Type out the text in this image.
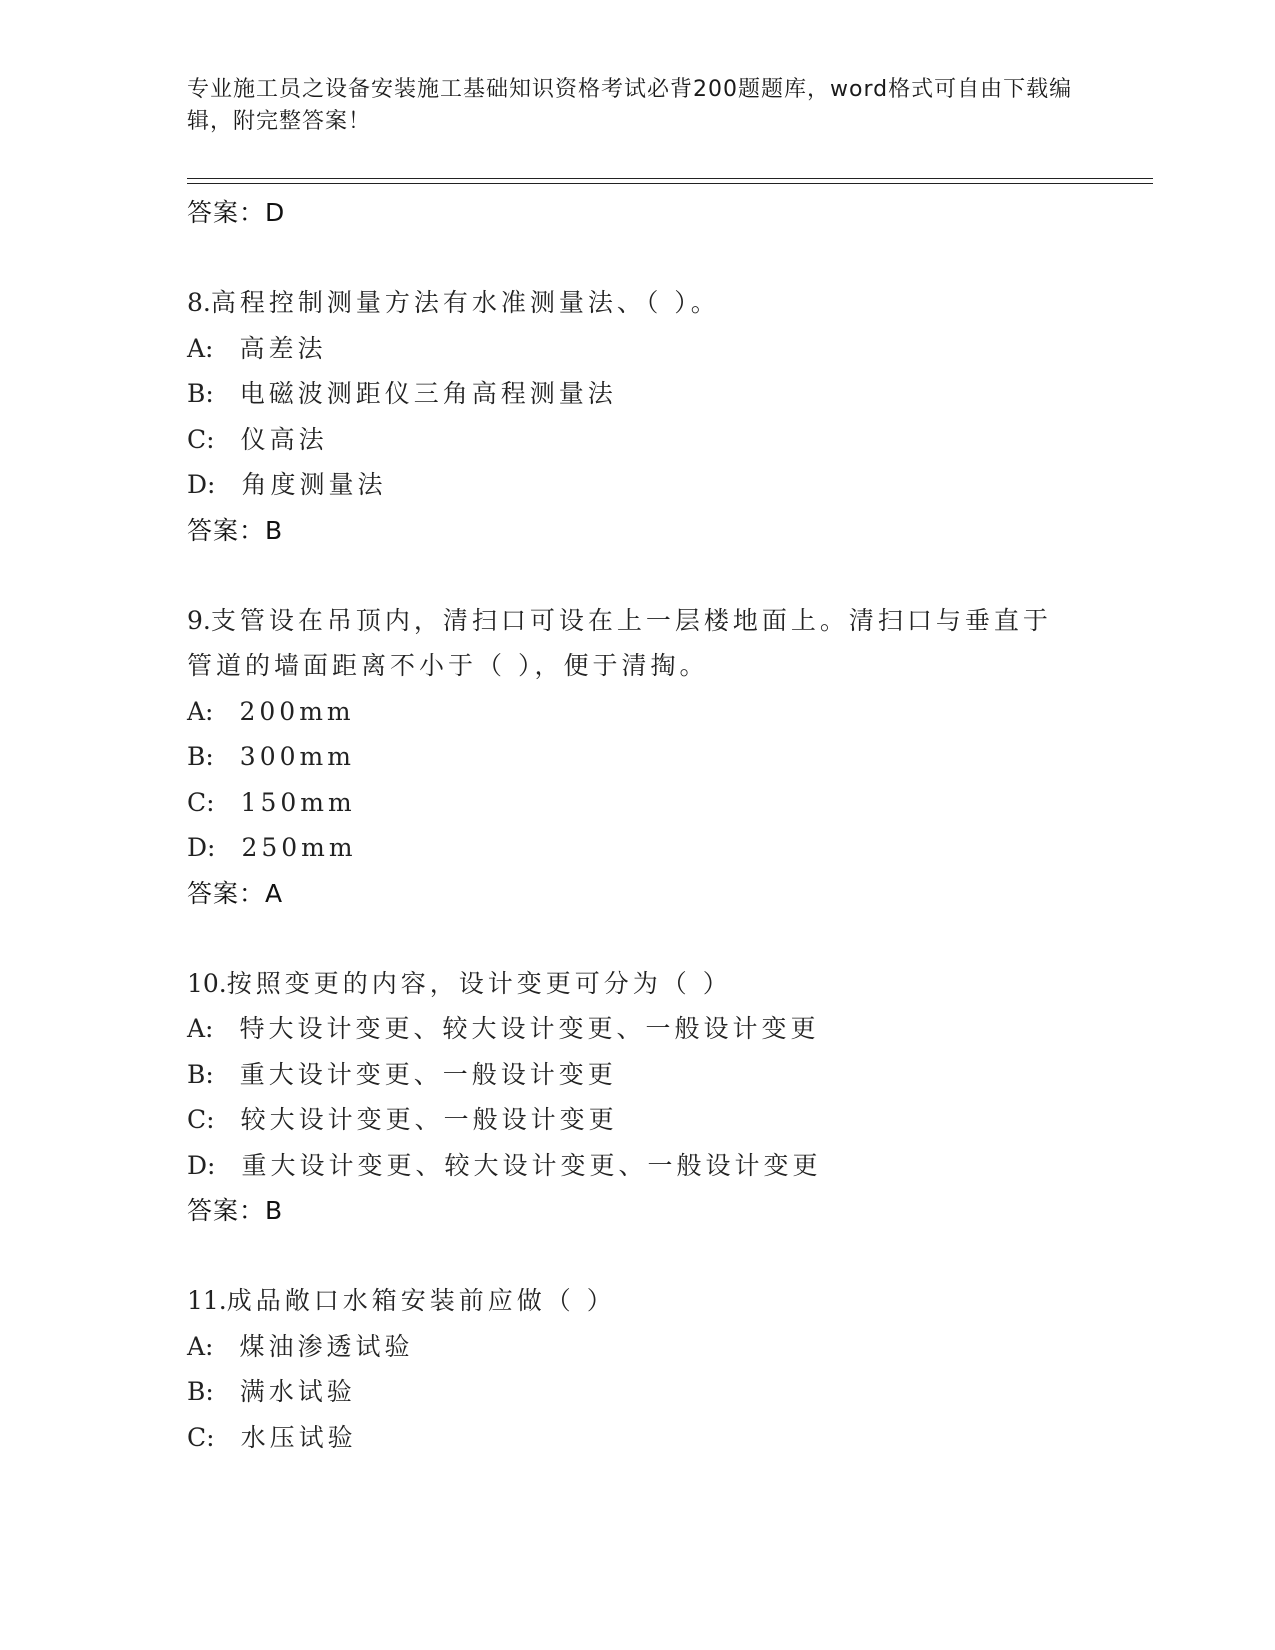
专业施工员之设备安装施工基础知识资格考试必背200题题库，word格式可自由下载编辑，附完整答案！
答案：D
8.高程控制测量方法有水准测量法、（ ）。
A: 高差法
B: 电磁波测距仪三角高程测量法
C: 仪高法
D: 角度测量法
答案：B
9.支管设在吊顶内，清扫口可设在上一层楼地面上。清扫口与垂直于
管道的墙面距离不小于（ ），便于清掏。
A: 200mm
B: 300mm
C: 150mm
D: 250mm
答案：A
10.按照变更的内容，设计变更可分为（ ）
A: 特大设计变更、较大设计变更、一般设计变更
B: 重大设计变更、一般设计变更
C: 较大设计变更、一般设计变更
D: 重大设计变更、较大设计变更、一般设计变更
答案：B
11.成品敞口水箱安装前应做（ ）
A: 煤油渗透试验
B: 满水试验
C: 水压试验
